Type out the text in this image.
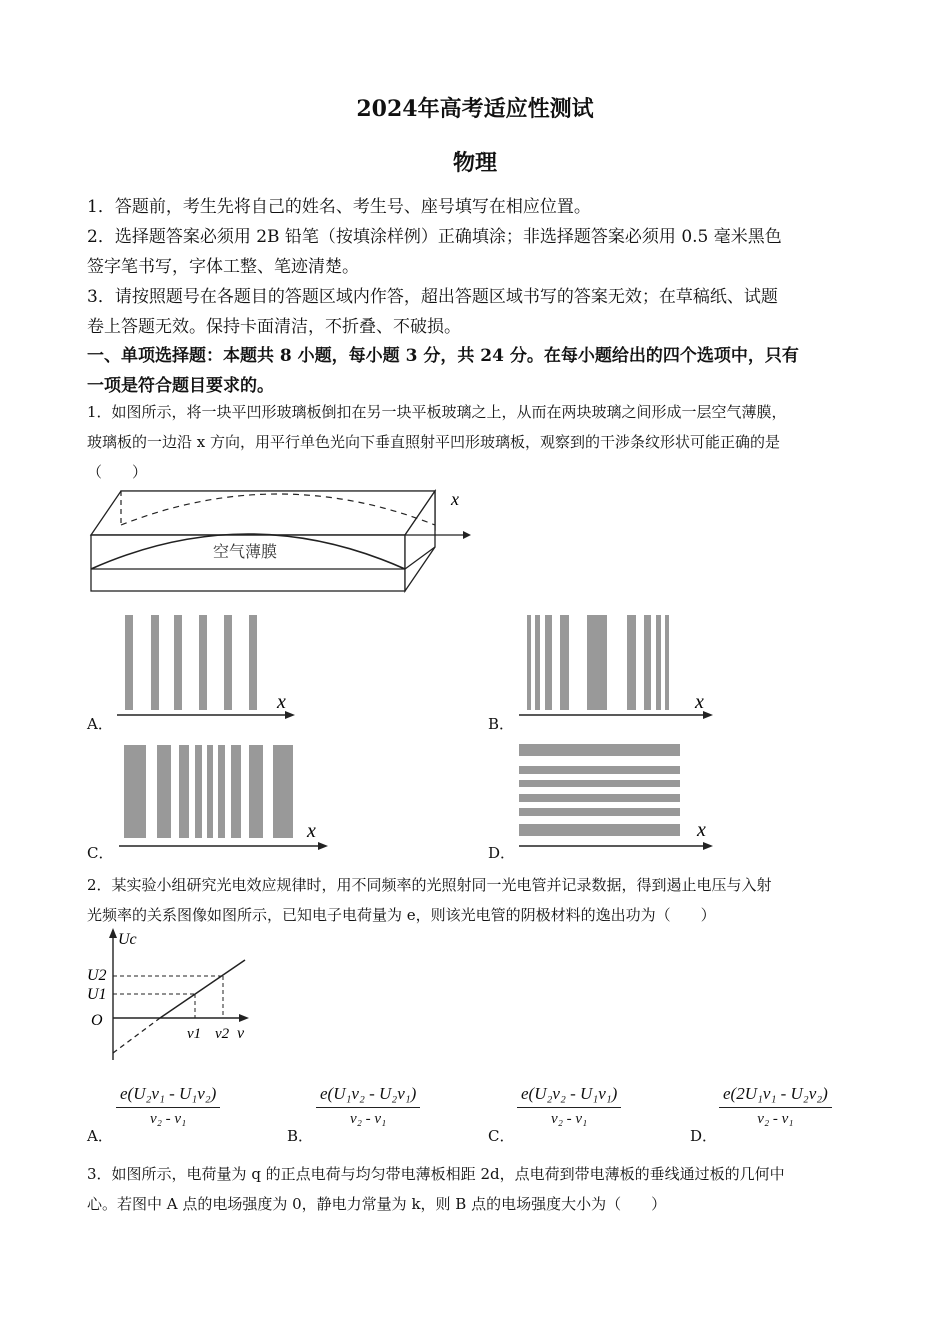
2024年高考适应性测试
物理
1．答题前，考生先将自己的姓名、考生号、座号填写在相应位置。
2．选择题答案必须用 2B 铅笔（按填涂样例）正确填涂；非选择题答案必须用 0.5 毫米黑色
签字笔书写，字体工整、笔迹清楚。
3．请按照题号在各题目的答题区域内作答，超出答题区域书写的答案无效；在草稿纸、试题
卷上答题无效。保持卡面清洁，不折叠、不破损。
一、单项选择题：本题共 8 小题，每小题 3 分，共 24 分。在每小题给出的四个选项中，只有
一项是符合题目要求的。
1．如图所示，将一块平凹形玻璃板倒扣在另一块平板玻璃之上，从而在两块玻璃之间形成一层空气薄膜，
玻璃板的一边沿 x 方向，用平行单色光向下垂直照射平凹形玻璃板，观察到的干涉条纹形状可能正确的是
（　　）
x
空气薄膜
A．
x
B．
x
C．
x
D．
x
2．某实验小组研究光电效应规律时，用不同频率的光照射同一光电管并记录数据，得到遏止电压与入射
光频率的关系图像如图所示，已知电子电荷量为 e，则该光电管的阴极材料的逸出功为（　　）
Uc
U2
U1
O
v1 v2 v
A．
$\frac{\text{e(U₂v₁ - U₁v₂)}}{\text{v₂ - v₁}}$
B．
$\frac{\text{e(U₁v₂ - U₂v₁)}}{\text{v₂ - v₁}}$
C．
$\frac{\text{e(U₂v₂ - U₁v₁)}}{\text{v₂ - v₁}}$
D．
$\frac{\text{e(2U₁v₁ - U₂v₂)}}{\text{v₂ - v₁}}$
3．如图所示，电荷量为 q 的正点电荷与均匀带电薄板相距 2d，点电荷到带电薄板的垂线通过板的几何中
心。若图中 A 点的电场强度为 0，静电力常量为 k，则 B 点的电场强度大小为（　　）
